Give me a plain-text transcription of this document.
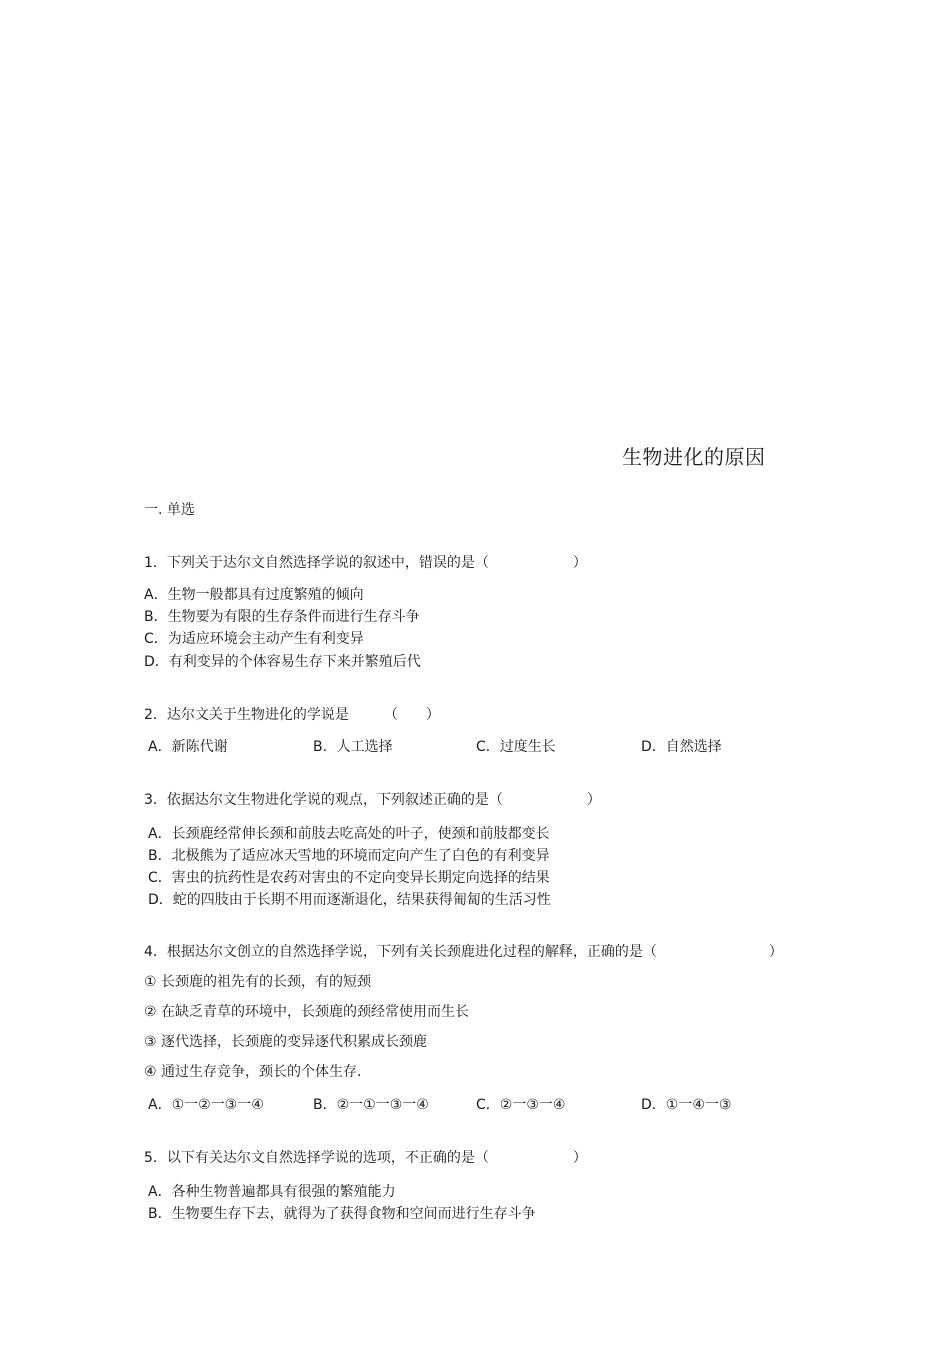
生物进化的原因
一. 单选
1．下列关于达尔文自然选择学说的叙述中，错误的是（　　　　　　）
A．生物一般都具有过度繁殖的倾向
B．生物要为有限的生存条件而进行生存斗争
C．为适应环境会主动产生有利变异
D．有利变异的个体容易生存下来并繁殖后代
2．达尔文关于生物进化的学说是　　　（　　）
A．新陈代谢	B．人工选择	C．过度生长	D．自然选择
3．依据达尔文生物进化学说的观点，下列叙述正确的是（　　　　　　）
A．长颈鹿经常伸长颈和前肢去吃高处的叶子，使颈和前肢都变长
B．北极熊为了适应冰天雪地的环境而定向产生了白色的有利变异
C．害虫的抗药性是农药对害虫的不定向变异长期定向选择的结果
D．蛇的四肢由于长期不用而逐渐退化，结果获得匍匐的生活习性
4．根据达尔文创立的自然选择学说，下列有关长颈鹿进化过程的解释，正确的是（　　　　　　　　）
① 长颈鹿的祖先有的长颈，有的短颈
② 在缺乏青草的环境中，长颈鹿的颈经常使用而生长
③ 逐代选择，长颈鹿的变异逐代积累成长颈鹿
④ 通过生存竞争，颈长的个体生存．
A．①一②一③一④	B．②一①一③一④	C．②一③一④	D．①一④一③
5．以下有关达尔文自然选择学说的选项，不正确的是（　　　　　　）
A．各种生物普遍都具有很强的繁殖能力
B．生物要生存下去，就得为了获得食物和空间而进行生存斗争
